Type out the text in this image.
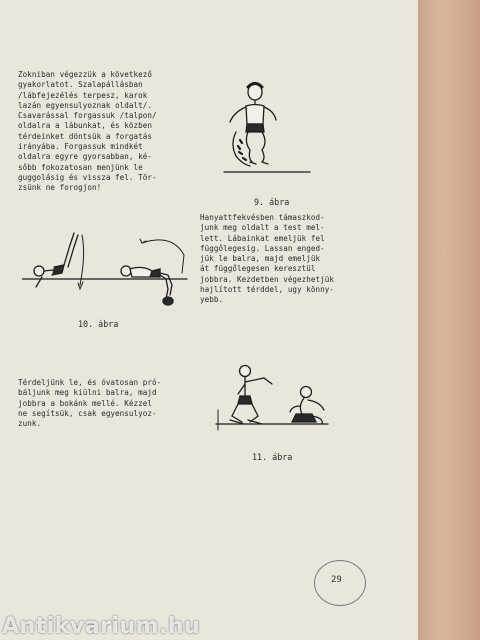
Zokniban végezzük a következő
gyakorlatot. Szalapállásban
/lábfejezélés terpesz, karok
lazán egyensulyoznak oldalt/.
Csavarással forgassuk /talpon/
oldalra a lábunkat, és közben
térdeinket döntsük a forgatás
irányába. Forgassuk mindkét
oldalra egyre gyorsabban, ké-
sőbb fokozatosan menjünk le
guggolásig és vissza fel. Tör-
zsünk ne forogjon!

9. ábra
10. ábra

Hanyattfekvésben támaszkod-
junk meg oldalt a test mel-
lett. Lábainkat emeljük fel
függőlegesig. Lassan enged-
jük le balra, majd emeljük
át függőlegesen keresztül
jobbra. Kezdetben végezhetjük
hajlított térddel, ugy könny-
yebb.

Térdeljünk le, és óvatosan pró-
báljunk meg kiülni balra, majd
jobbra a bokánk mellé. Kézzel
ne segítsük, csak egyensulyoz-
zunk.

11. ábra
29
Antikvarium.hu
